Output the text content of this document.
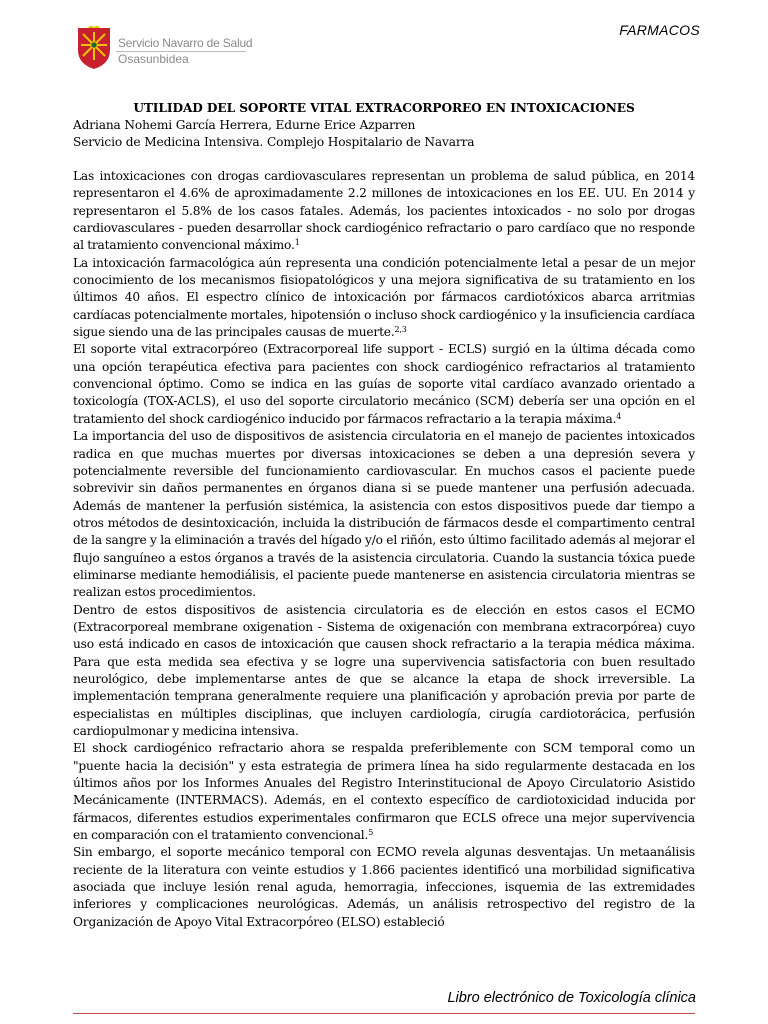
Servicio Navarro de Salud
Osasunbidea
FARMACOS
UTILIDAD DEL SOPORTE VITAL EXTRACORPOREO EN INTOXICACIONES
Adriana Nohemi García Herrera, Edurne Erice Azparren
Servicio de Medicina Intensiva. Complejo Hospitalario de Navarra

Las intoxicaciones con drogas cardiovasculares representan un problema de salud pública, en 2014 representaron el 4.6% de aproximadamente 2.2 millones de intoxicaciones en los EE. UU. En 2014 y representaron el 5.8% de los casos fatales. Además, los pacientes intoxicados - no solo por drogas cardiovasculares - pueden desarrollar shock cardiogénico refractario o paro cardíaco que no responde al tratamiento convencional máximo.$^1$

La intoxicación farmacológica aún representa una condición potencialmente letal a pesar de un mejor conocimiento de los mecanismos fisiopatológicos y una mejora significativa de su tratamiento en los últimos 40 años. El espectro clínico de intoxicación por fármacos cardiotóxicos abarca arritmias cardíacas potencialmente mortales, hipotensión o incluso shock cardiogénico y la insuficiencia cardíaca sigue siendo una de las principales causas de muerte.$^{2,3}$

El soporte vital extracorpóreo (Extracorporeal life support - ECLS) surgió en la última década como una opción terapéutica efectiva para pacientes con shock cardiogénico refractarios al tratamiento convencional óptimo. Como se indica en las guías de soporte vital cardíaco avanzado orientado a toxicología (TOX-ACLS), el uso del soporte circulatorio mecánico (SCM) debería ser una opción en el tratamiento del shock cardiogénico inducido por fármacos refractario a la terapia máxima.$^4$

La importancia del uso de dispositivos de asistencia circulatoria en el manejo de pacientes intoxicados radica en que muchas muertes por diversas intoxicaciones se deben a una depresión severa y potencialmente reversible del funcionamiento cardiovascular. En muchos casos el paciente puede sobrevivir sin daños permanentes en órganos diana si se puede mantener una perfusión adecuada. Además de mantener la perfusión sistémica, la asistencia con estos dispositivos puede dar tiempo a otros métodos de desintoxicación, incluida la distribución de fármacos desde el compartimento central de la sangre y la eliminación a través del hígado y/o el riñón, esto último facilitado además al mejorar el flujo sanguíneo a estos órganos a través de la asistencia circulatoria. Cuando la sustancia tóxica puede eliminarse mediante hemodiálisis, el paciente puede mantenerse en asistencia circulatoria mientras se realizan estos procedimientos.

Dentro de estos dispositivos de asistencia circulatoria es de elección en estos casos el ECMO (Extracorporeal membrane oxigenation - Sistema de oxigenación con membrana extracorpórea) cuyo uso está indicado en casos de intoxicación que causen shock refractario a la terapia médica máxima. Para que esta medida sea efectiva y se logre una supervivencia satisfactoria con buen resultado neurológico, debe implementarse antes de que se alcance la etapa de shock irreversible. La implementación temprana generalmente requiere una planificación y aprobación previa por parte de especialistas en múltiples disciplinas, que incluyen cardiología, cirugía cardiotorácica, perfusión cardiopulmonar y medicina intensiva.

El shock cardiogénico refractario ahora se respalda preferiblemente con SCM temporal como un "puente hacia la decisión" y esta estrategia de primera línea ha sido regularmente destacada en los últimos años por los Informes Anuales del Registro Interinstitucional de Apoyo Circulatorio Asistido Mecánicamente (INTERMACS). Además, en el contexto específico de cardiotoxicidad inducida por fármacos, diferentes estudios experimentales confirmaron que ECLS ofrece una mejor supervivencia en comparación con el tratamiento convencional.$^5$

Sin embargo, el soporte mecánico temporal con ECMO revela algunas desventajas. Un metaanálisis reciente de la literatura con veinte estudios y 1.866 pacientes identificó una morbilidad significativa asociada que incluye lesión renal aguda, hemorragia, infecciones, isquemia de las extremidades inferiores y complicaciones neurológicas. Además, un análisis retrospectivo del registro de la Organización de Apoyo Vital Extracorpóreo (ELSO) estableció

Libro electrónico de Toxicología clínica
